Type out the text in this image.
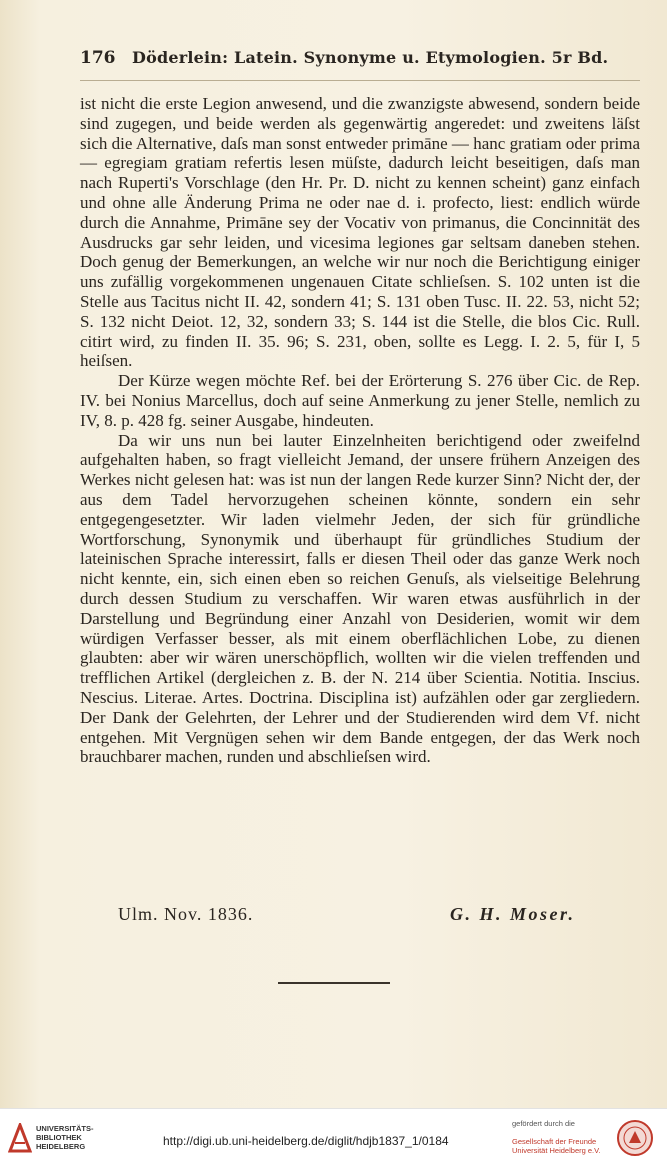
176 Döderlein: Latein. Synonyme u. Etymologien. 5r Bd.

ist nicht die erste Legion anwesend, und die zwanzigste abwesend, sondern beide sind zugegen, und beide werden als gegenwärtig angeredet: und zweitens läſst sich die Alternative, daſs man sonst entweder primāne — hanc gratiam oder prima — egregiam gratiam refertis lesen müſste, dadurch leicht beseitigen, daſs man nach Ruperti's Vorschlage (den Hr. Pr. D. nicht zu kennen scheint) ganz einfach und ohne alle Änderung Prima ne oder nae d. i. profecto, liest: endlich würde durch die Annahme, Primāne sey der Vocativ von primanus, die Concinnität des Ausdrucks gar sehr leiden, und vicesima legiones gar seltsam daneben stehen. Doch genug der Bemerkungen, an welche wir nur noch die Berichtigung einiger uns zufällig vorgekommenen ungenauen Citate schlieſsen. S. 102 unten ist die Stelle aus Tacitus nicht II. 42, sondern 41; S. 131 oben Tusc. II. 22. 53, nicht 52; S. 132 nicht Deiot. 12, 32, sondern 33; S. 144 ist die Stelle, die blos Cic. Rull. citirt wird, zu finden II. 35. 96; S. 231, oben, sollte es Legg. I. 2. 5, für I, 5 heiſsen.

Der Kürze wegen möchte Ref. bei der Erörterung S. 276 über Cic. de Rep. IV. bei Nonius Marcellus, doch auf seine Anmerkung zu jener Stelle, nemlich zu IV, 8. p. 428 fg. seiner Ausgabe, hindeuten.

Da wir uns nun bei lauter Einzelnheiten berichtigend oder zweifelnd aufgehalten haben, so fragt vielleicht Jemand, der unsere frühern Anzeigen des Werkes nicht gelesen hat: was ist nun der langen Rede kurzer Sinn? Nicht der, der aus dem Tadel hervorzugehen scheinen könnte, sondern ein sehr entgegengesetzter. Wir laden vielmehr Jeden, der sich für gründliche Wortforschung, Synonymik und überhaupt für gründliches Studium der lateinischen Sprache interessirt, falls er diesen Theil oder das ganze Werk noch nicht kennte, ein, sich einen eben so reichen Genuſs, als vielseitige Belehrung durch dessen Studium zu verschaffen. Wir waren etwas ausführlich in der Darstellung und Begründung einer Anzahl von Desiderien, womit wir dem würdigen Verfasser besser, als mit einem oberflächlichen Lobe, zu dienen glaubten: aber wir wären unerschöpflich, wollten wir die vielen treffenden und trefflichen Artikel (dergleichen z. B. der N. 214 über Scientia. Notitia. Inscius. Nescius. Literae. Artes. Doctrina. Disciplina ist) aufzählen oder gar zergliedern. Der Dank der Gelehrten, der Lehrer und der Studierenden wird dem Vf. nicht entgehen. Mit Vergnügen sehen wir dem Bande entgegen, der das Werk noch brauchbarer machen, runden und abschlieſsen wird.

Ulm. Nov. 1836.	G. H. Moser.
UNIVERSITÄTS-
BIBLIOTHEK
HEIDELBERG	http://digi.ub.uni-heidelberg.de/diglit/hdjb1837_1/0184
gefördert durch die
Gesellschaft der Freunde
Universität Heidelberg e.V.
